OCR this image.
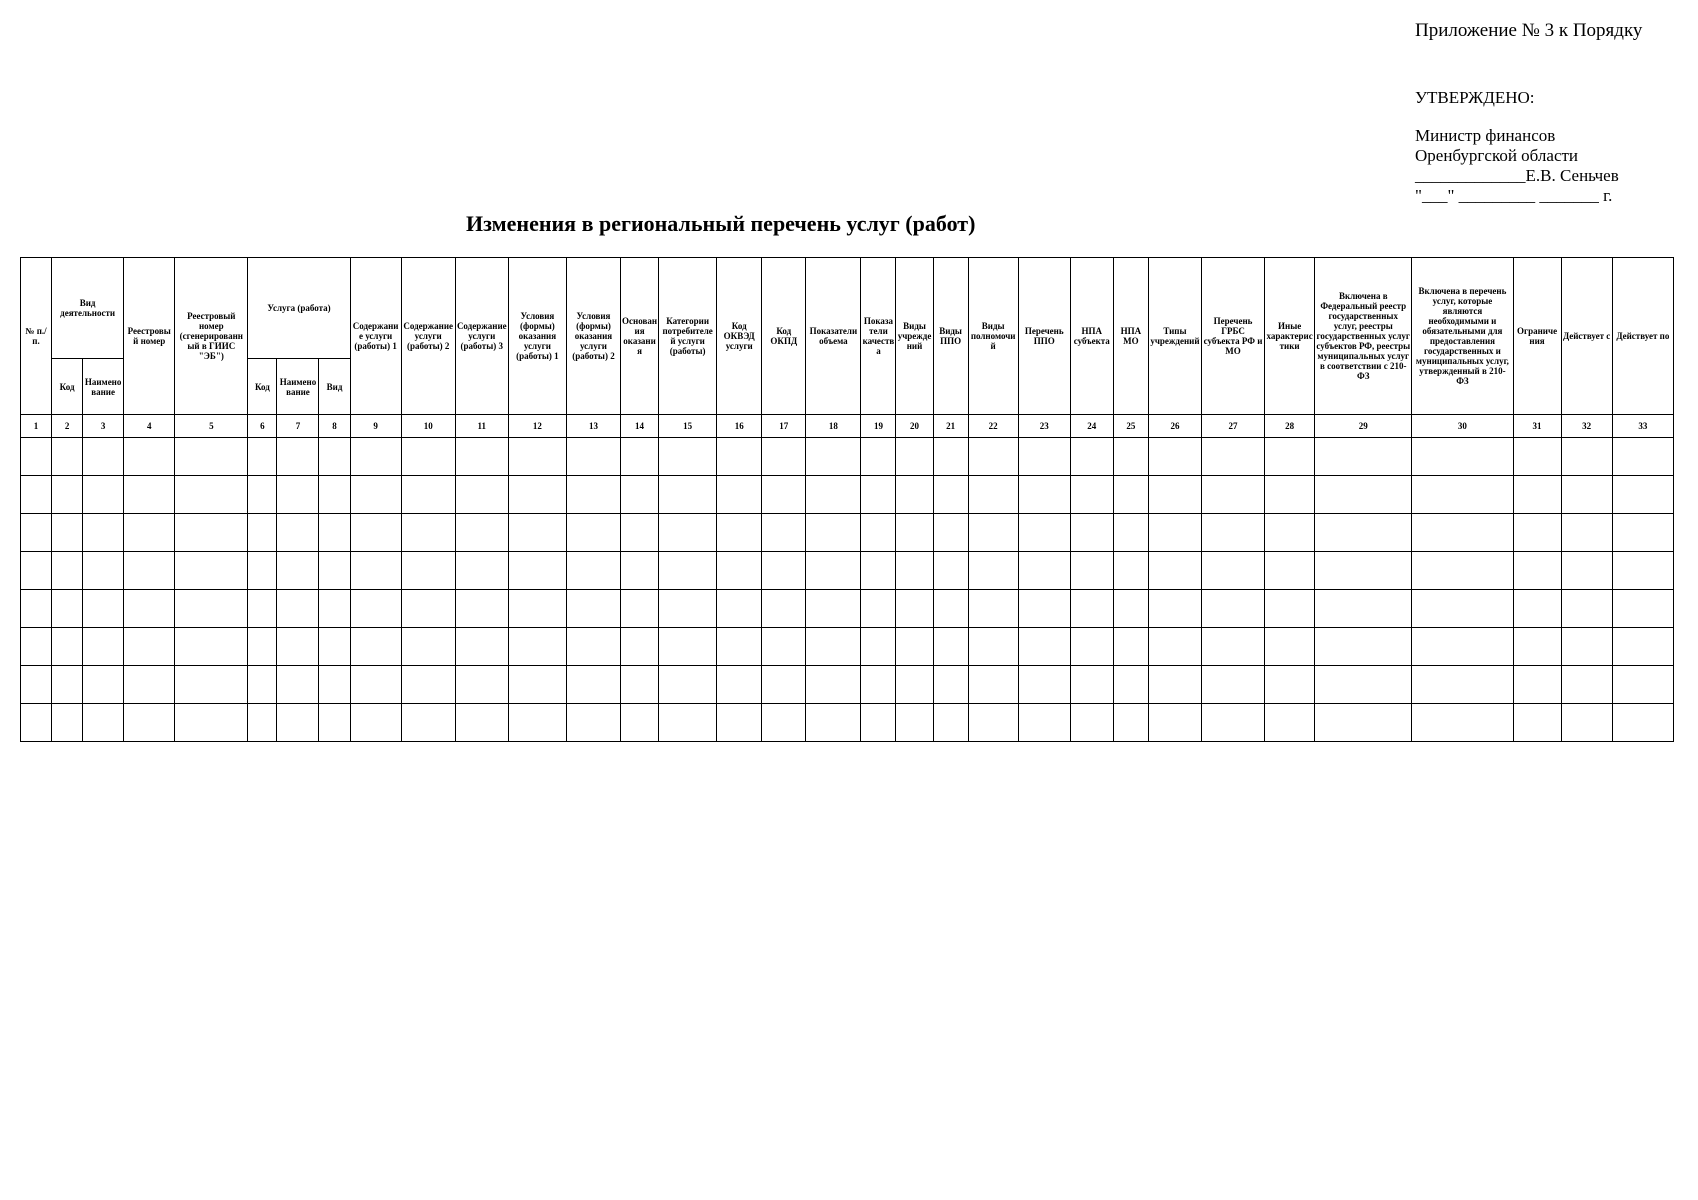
Приложение № 3 к Порядку
УТВЕРЖДЕНО:
Министр финансов
Оренбургской области
_____________Е.В. Сеньчев
"___" _________ _______ г.
Изменения в региональный перечень услуг (работ)
№ п./п.	Вид деятельности		Реестровый номер	Реестровый номер (сгенерированный в ГИИС "ЭБ")	Услуга (работа)			Содержание услуги (работы) 1	Содержание услуги (работы) 2	Содержание услуги (работы) 3	Условия (формы) оказания услуги (работы) 1	Условия (формы) оказания услуги (работы) 2	Основания оказания	Категории потребителей услуги (работы)	Код ОКВЭД услуги	Код ОКПД	Показатели объема	Показатели качества	Виды учреждений	Виды ППО	Виды полномочий	Перечень ППО	НПА субъекта	НПА МО	Типы учреждений	Перечень ГРБС субъекта РФ и МО	Иные характеристики	Включена в Федеральный реестр государственных услуг, реестры государственных услуг субъектов РФ, реестры муниципальных услуг в соответствии с 210-ФЗ	Включена в перечень услуг, которые являются необходимыми и обязательными для предоставления государственных и муниципальных услуг, утвержденный в 210-ФЗ	Ограничения	Действует с	Действует по
	Код	Наименование			Код	Наименование	Вид																									
1	2	3	4	5	6	7	8	9	10	11	12	13	14	15	16	17	18	19	20	21	22	23	24	25	26	27	28	29	30	31	32	33
